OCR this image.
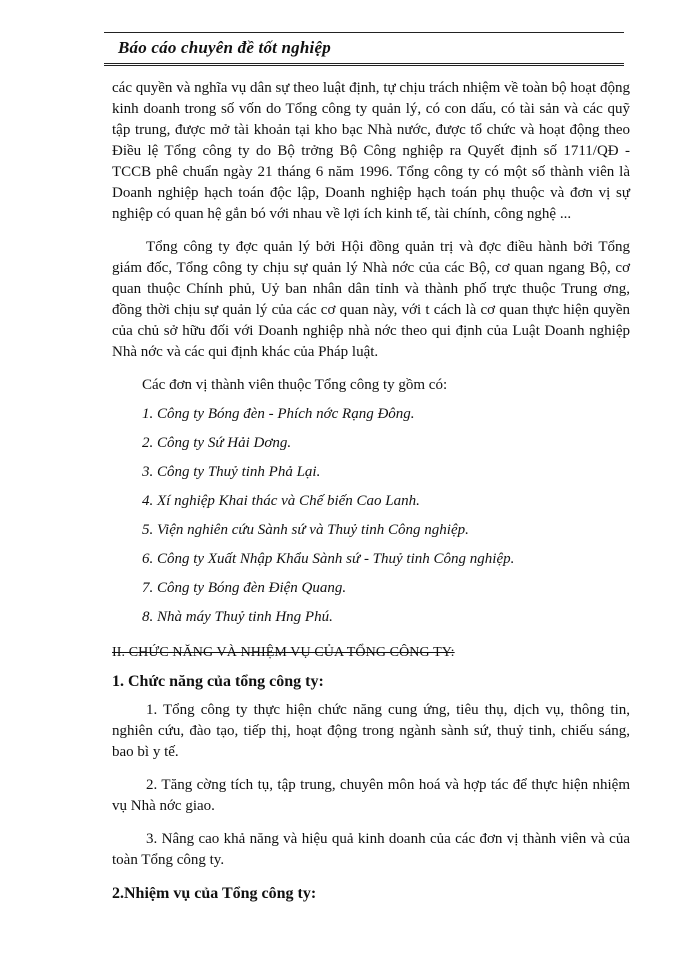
Báo cáo chuyên đề tốt nghiệp

các quyền và nghĩa vụ dân sự theo luật định, tự chịu trách nhiệm về toàn bộ hoạt động kinh doanh trong số vốn do Tổng công ty quản lý, có con dấu, có tài sản và các quỹ tập trung, được mở tài khoản tại kho bạc Nhà nước, được tổ chức và hoạt động theo Điều lệ Tổng công ty do Bộ trởng Bộ Công nghiệp ra Quyết định số 1711/QĐ - TCCB phê chuẩn ngày 21 tháng 6 năm 1996. Tổng công ty có một số thành viên là Doanh nghiệp hạch toán độc lập, Doanh nghiệp hạch toán phụ thuộc và đơn vị sự nghiệp có quan hệ gắn bó với nhau về lợi ích kinh tế, tài chính, công nghệ ...

Tổng công ty đợc quản lý bởi Hội đồng quản trị và đợc điều hành bởi Tổng giám đốc, Tổng công ty chịu sự quản lý Nhà nớc của các Bộ, cơ quan ngang Bộ, cơ quan thuộc Chính phủ, Uỷ ban nhân dân tỉnh và thành phố trực thuộc Trung ơng, đồng thời chịu sự quản lý của các cơ quan này, với t cách là cơ quan thực hiện quyền của chủ sở hữu đối với Doanh nghiệp nhà nớc theo qui định của Luật Doanh nghiệp Nhà nớc và các qui định khác của Pháp luật.

Các đơn vị thành viên thuộc Tổng công ty gồm có:

1. Công ty Bóng đèn - Phích nớc Rạng Đông.

2. Công ty Sứ Hải Dơng.

3. Công ty Thuỷ tinh Phả Lại.

4. Xí nghiệp Khai thác và Chế biến Cao Lanh.

5. Viện nghiên cứu Sành sứ và Thuỷ tinh Công nghiệp.

6. Công ty Xuất Nhập Khẩu Sành sứ - Thuỷ tinh Công nghiệp.

7. Công ty Bóng đèn Điện Quang.

8. Nhà máy Thuỷ tinh Hng Phú.

II. CHỨC NĂNG VÀ NHIỆM VỤ CỦA TỔNG CÔNG TY:

1. Chức năng của tổng công ty:

1. Tổng công ty thực hiện chức năng cung ứng, tiêu thụ, dịch vụ, thông tin, nghiên cứu, đào tạo, tiếp thị, hoạt động trong ngành sành sứ, thuỷ tinh, chiếu sáng, bao bì y tế.

2. Tăng cờng tích tụ, tập trung, chuyên môn hoá và hợp tác để thực hiện nhiệm vụ Nhà nớc giao.

3. Nâng cao khả năng và hiệu quả kinh doanh của các đơn vị thành viên và của toàn Tổng công ty.

2.Nhiệm vụ của Tổng công ty:
